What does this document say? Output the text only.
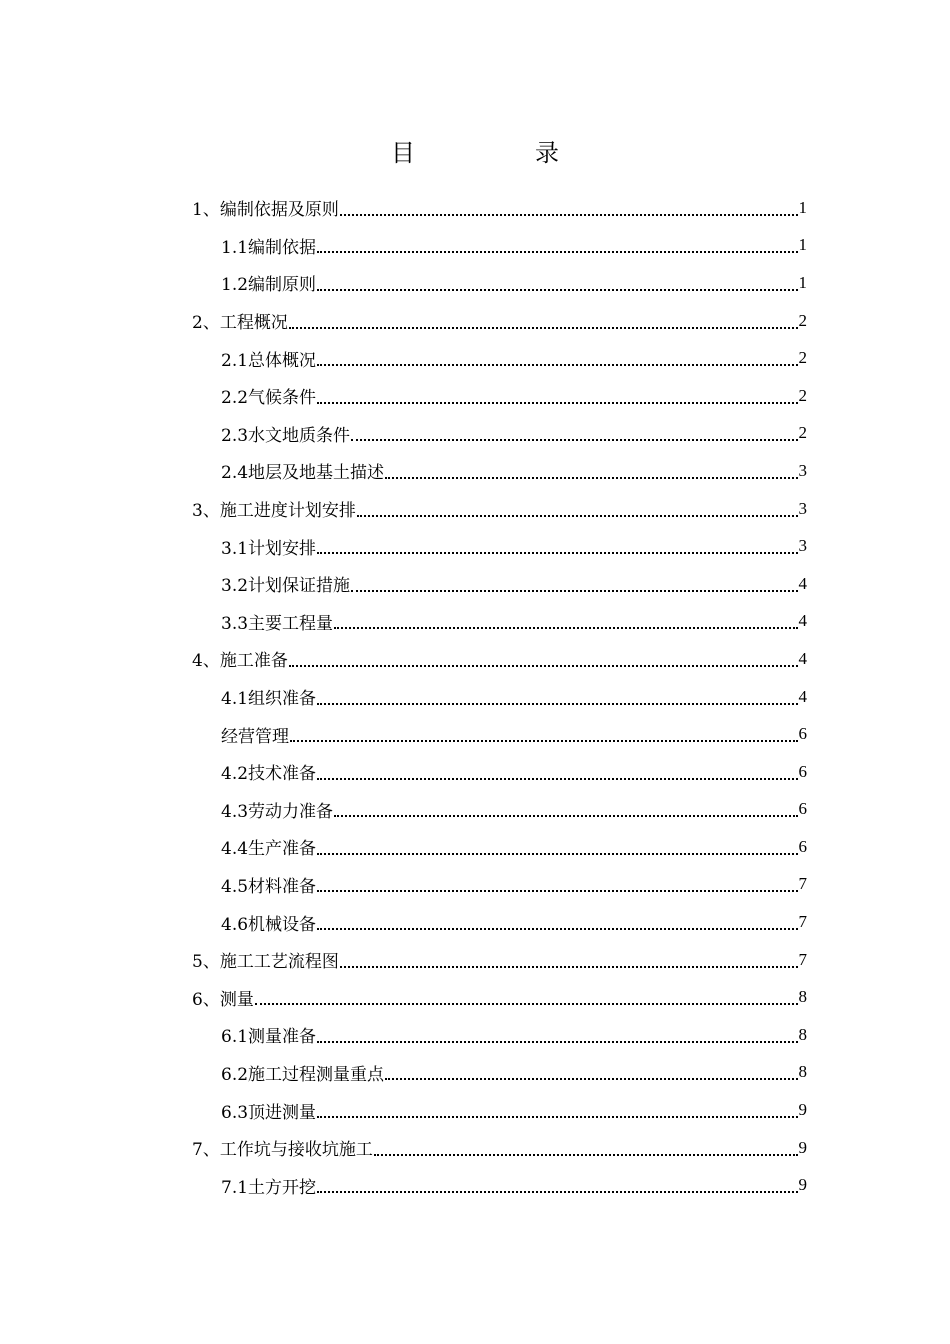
目　录
1、编制依据及原则	1
1.1编制依据	1
1.2编制原则	1
2、工程概况	2
2.1总体概况	2
2.2气候条件	2
2.3水文地质条件	2
2.4地层及地基土描述	3
3、施工进度计划安排	3
3.1计划安排	3
3.2计划保证措施	4
3.3主要工程量	4
4、施工准备	4
4.1组织准备	4
经营管理	6
4.2技术准备	6
4.3劳动力准备	6
4.4生产准备	6
4.5材料准备	7
4.6机械设备	7
5、施工工艺流程图	7
6、测量	8
6.1测量准备	8
6.2施工过程测量重点	8
6.3顶进测量	9
7、工作坑与接收坑施工	9
7.1土方开挖	9
